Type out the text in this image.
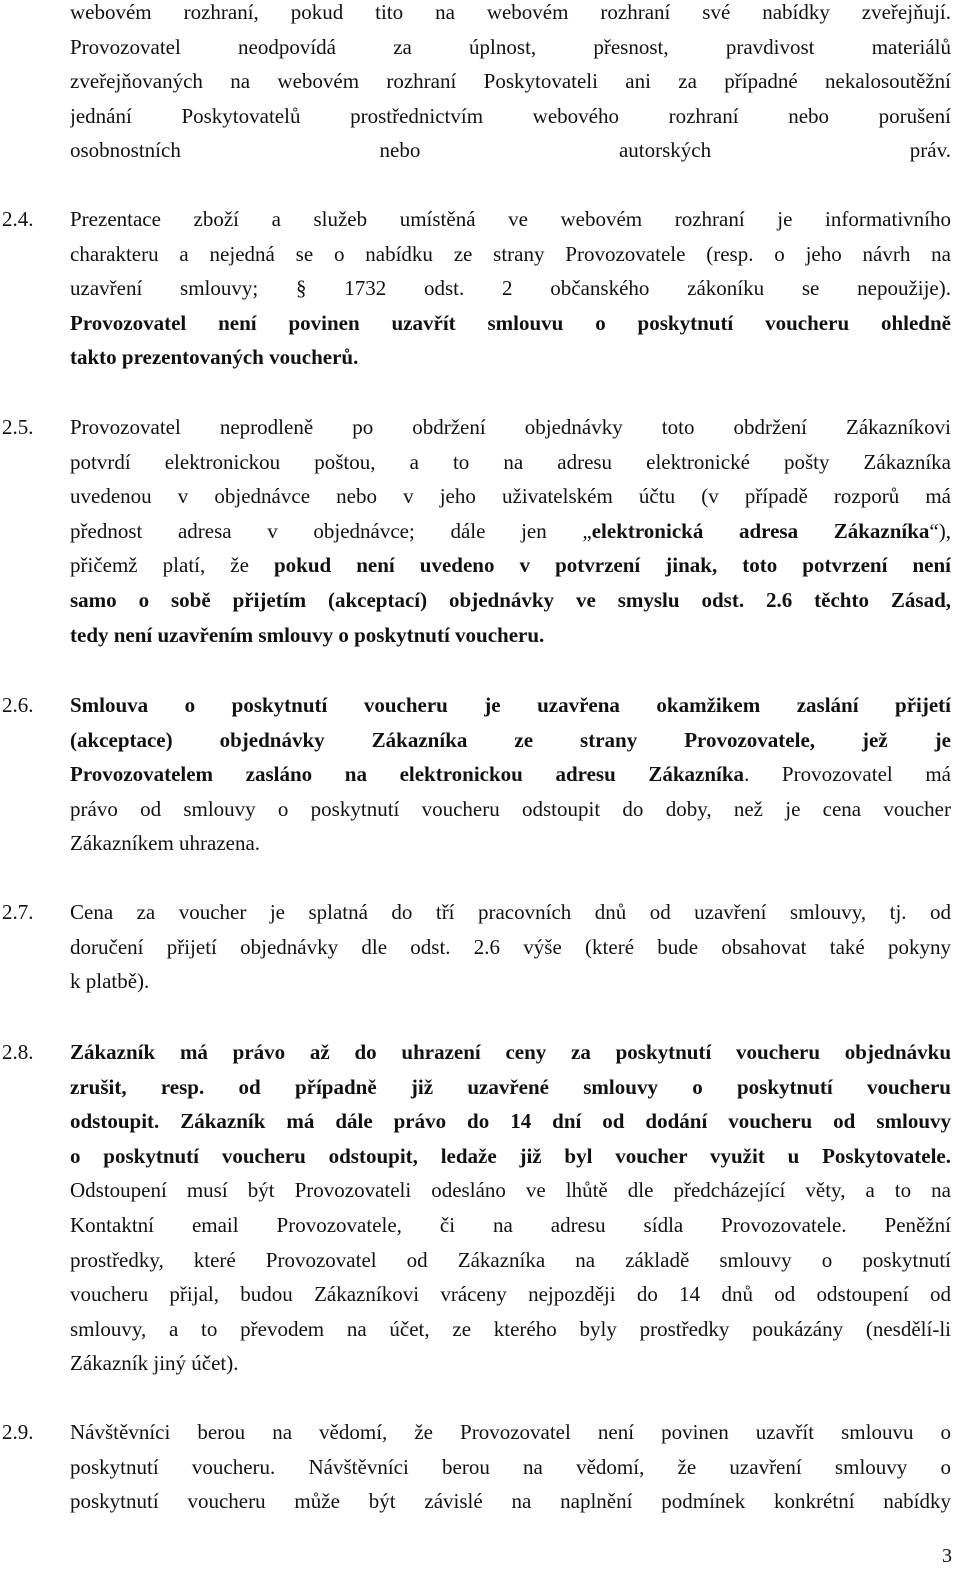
webovém rozhraní, pokud tito na webovém rozhraní své nabídky zveřejňují.
Provozovatel neodpovídá za úplnost, přesnost, pravdivost materiálů
zveřejňovaných na webovém rozhraní Poskytovateli ani za případné nekalosoutěžní
jednání Poskytovatelů prostřednictvím webového rozhraní nebo porušení
osobnostních nebo autorských práv.
2.4. Prezentace zboží a služeb umístěná ve webovém rozhraní je informativního
charakteru a nejedná se o nabídku ze strany Provozovatele (resp. o jeho návrh na
uzavření smlouvy; § 1732 odst. 2 občanského zákoníku se nepoužije).
Provozovatel není povinen uzavřít smlouvu o poskytnutí voucheru ohledně
takto prezentovaných voucherů.
2.5. Provozovatel neprodleně po obdržení objednávky toto obdržení Zákazníkovi
potvrdí elektronickou poštou, a to na adresu elektronické pošty Zákazníka
uvedenou v objednávce nebo v jeho uživatelském účtu (v případě rozporů má
přednost adresa v objednávce; dále jen „elektronická adresa Zákazníka“),
přičemž platí, že pokud není uvedeno v potvrzení jinak, toto potvrzení není
samo o sobě přijetím (akceptací) objednávky ve smyslu odst. 2.6 těchto Zásad,
tedy není uzavřením smlouvy o poskytnutí voucheru.
2.6. Smlouva o poskytnutí voucheru je uzavřena okamžikem zaslání přijetí
(akceptace) objednávky Zákazníka ze strany Provozovatele, jež je
Provozovatelem zasláno na elektronickou adresu Zákazníka. Provozovatel má
právo od smlouvy o poskytnutí voucheru odstoupit do doby, než je cena voucher
Zákazníkem uhrazena.
2.7. Cena za voucher je splatná do tří pracovních dnů od uzavření smlouvy, tj. od
doručení přijetí objednávky dle odst. 2.6 výše (které bude obsahovat také pokyny
k platbě).
2.8. Zákazník má právo až do uhrazení ceny za poskytnutí voucheru objednávku
zrušit, resp. od případně již uzavřené smlouvy o poskytnutí voucheru
odstoupit. Zákazník má dále právo do 14 dní od dodání voucheru od smlouvy
o poskytnutí voucheru odstoupit, ledaže již byl voucher využit u Poskytovatele.
Odstoupení musí být Provozovateli odesláno ve lhůtě dle předcházející věty, a to na
Kontaktní email Provozovatele, či na adresu sídla Provozovatele. Peněžní
prostředky, které Provozovatel od Zákazníka na základě smlouvy o poskytnutí
voucheru přijal, budou Zákazníkovi vráceny nejpozději do 14 dnů od odstoupení od
smlouvy, a to převodem na účet, ze kterého byly prostředky poukázány (nesdělí-li
Zákazník jiný účet).
2.9. Návštěvníci berou na vědomí, že Provozovatel není povinen uzavřít smlouvu o
poskytnutí voucheru. Návštěvníci berou na vědomí, že uzavření smlouvy o
poskytnutí voucheru může být závislé na naplnění podmínek konkrétní nabídky
3
